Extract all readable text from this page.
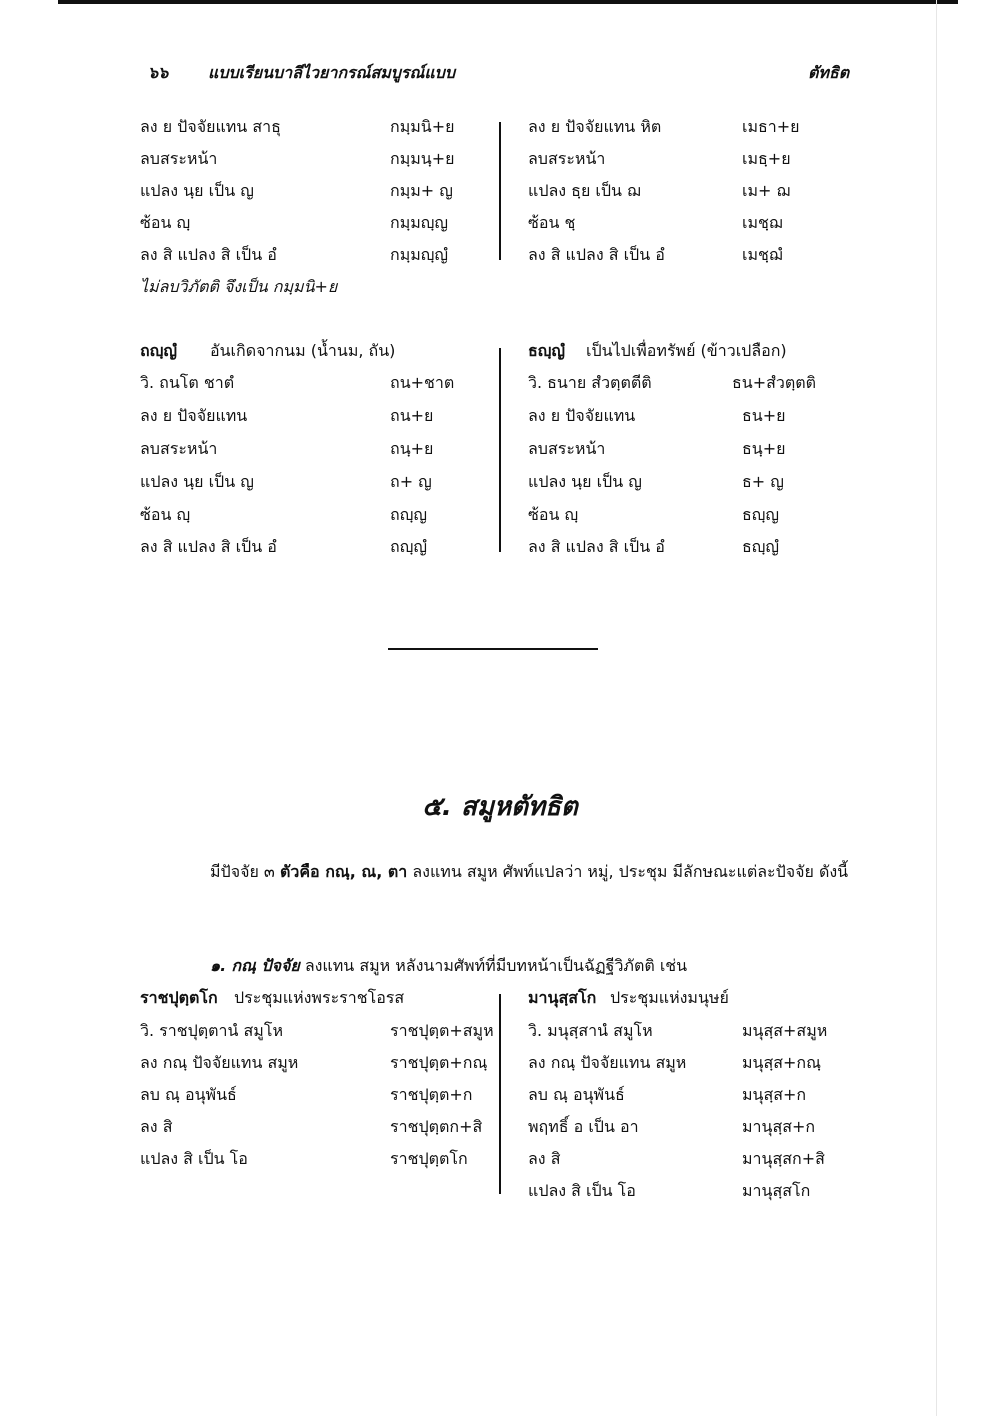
๖๖ แบบเรียนบาลีไวยากรณ์สมบูรณ์แบบ	ตัทธิต
ลง ย ปัจจัยแทน สาธุ	กมฺมนิ+ย
ลบสระหน้า	กมฺมนฺ+ย
แปลง นฺย เป็น ญ	กมฺม+ ญ
ซ้อน ญฺ	กมฺมญฺญ
ลง สิ แปลง สิ เป็น อํ	กมฺมญฺญํ
ไม่ลบวิภัตติ จึงเป็น กมฺมนิ+ย
ลง ย ปัจจัยแทน หิต	เมธา+ย
ลบสระหน้า	เมธฺ+ย
แปลง ธฺย เป็น ฌ	เม+ ฌ
ซ้อน ชฺ	เมชฺฌ
ลง สิ แปลง สิ เป็น อํ	เมชฺฌํ
ถญฺญํ อันเกิดจากนม (น้ำนม, ถัน)
วิ. ถนโต ชาตํ	ถน+ชาต
ลง ย ปัจจัยแทน	ถน+ย
ลบสระหน้า	ถนฺ+ย
แปลง นฺย เป็น ญ	ถ+ ญ
ซ้อน ญฺ	ถญฺญ
ลง สิ แปลง สิ เป็น อํ	ถญฺญํ
ธญฺญํ เป็นไปเพื่อทรัพย์ (ข้าวเปลือก)
วิ. ธนาย สํวตฺตตีติ	ธน+สํวตฺตติ
ลง ย ปัจจัยแทน	ธน+ย
ลบสระหน้า	ธนฺ+ย
แปลง นฺย เป็น ญ	ธ+ ญ
ซ้อน ญฺ	ธญฺญ
ลง สิ แปลง สิ เป็น อํ	ธญฺญํ
๕. สมูหตัทธิต
มีปัจจัย ๓ ตัวคือ กณฺ, ณ, ตา ลงแทน สมูห ศัพท์แปลว่า หมู่, ประชุม มีลักษณะแต่ละปัจจัย ดังนี้
๑. กณฺ ปัจจัย ลงแทน สมูห หลังนามศัพท์ที่มีบทหน้าเป็นฉัฏฐีวิภัตติ เช่น
ราชปุตฺตโก ประชุมแห่งพระราชโอรส
วิ. ราชปุตฺตานํ สมูโห	ราชปุตฺต+สมูห
ลง กณฺ ปัจจัยแทน สมูห	ราชปุตฺต+กณฺ
ลบ ณฺ อนุพันธ์	ราชปุตฺต+ก
ลง สิ	ราชปุตฺตก+สิ
แปลง สิ เป็น โอ	ราชปุตฺตโก
มานุสฺสโก ประชุมแห่งมนุษย์
วิ. มนุสฺสานํ สมูโห	มนุสฺส+สมูห
ลง กณฺ ปัจจัยแทน สมูห	มนุสฺส+กณฺ
ลบ ณฺ อนุพันธ์	มนุสฺส+ก
พฤทธิ์ อ เป็น อา	มานุสฺส+ก
ลง สิ	มานุสฺสก+สิ
แปลง สิ เป็น โอ	มานุสฺสโก
